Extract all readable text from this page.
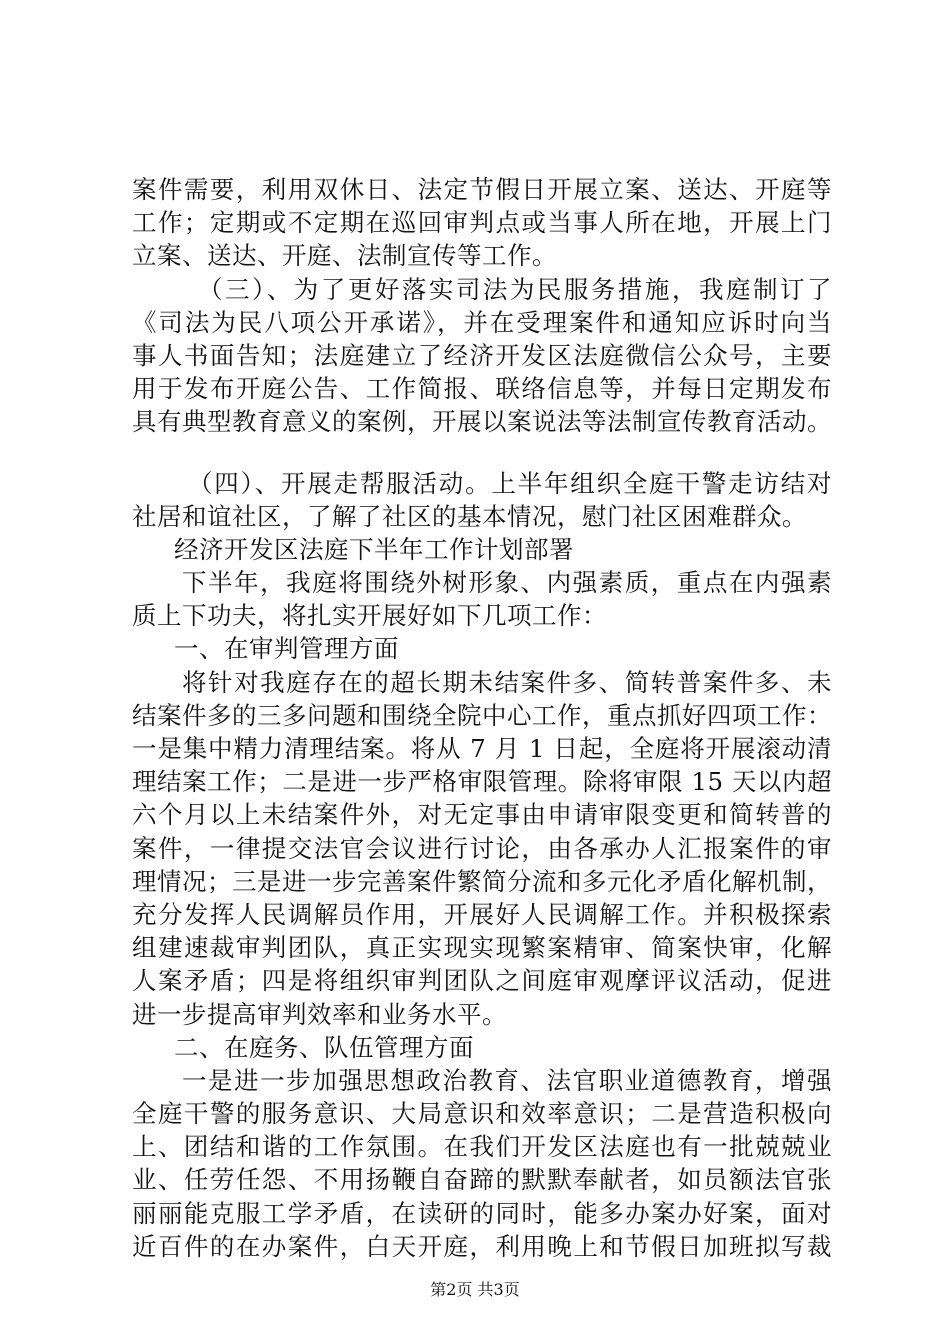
案件需要，利用双休日、法定节假日开展立案、送达、开庭等
工作；定期或不定期在巡回审判点或当事人所在地，开展上门
立案、送达、开庭、法制宣传等工作。
（三）、为了更好落实司法为民服务措施，我庭制订了
《司法为民八项公开承诺》，并在受理案件和通知应诉时向当
事人书面告知；法庭建立了经济开发区法庭微信公众号，主要
用于发布开庭公告、工作简报、联络信息等，并每日定期发布
具有典型教育意义的案例，开展以案说法等法制宣传教育活动。
（四）、开展走帮服活动。上半年组织全庭干警走访结对
社居和谊社区，了解了社区的基本情况，慰门社区困难群众。
经济开发区法庭下半年工作计划部署
下半年，我庭将围绕外树形象、内强素质，重点在内强素
质上下功夫，将扎实开展好如下几项工作：
一、在审判管理方面
将针对我庭存在的超长期未结案件多、简转普案件多、未
结案件多的三多问题和围绕全院中心工作，重点抓好四项工作：
一是集中精力清理结案。将从 7 月 1 日起，全庭将开展滚动清
理结案工作；二是进一步严格审限管理。除将审限 15 天以内超
六个月以上未结案件外，对无定事由申请审限变更和简转普的
案件，一律提交法官会议进行讨论，由各承办人汇报案件的审
理情况；三是进一步完善案件繁简分流和多元化矛盾化解机制，
充分发挥人民调解员作用，开展好人民调解工作。并积极探索
组建速裁审判团队，真正实现实现繁案精审、简案快审，化解
人案矛盾；四是将组织审判团队之间庭审观摩评议活动，促进
进一步提高审判效率和业务水平。
二、在庭务、队伍管理方面
一是进一步加强思想政治教育、法官职业道德教育，增强
全庭干警的服务意识、大局意识和效率意识；二是营造积极向
上、团结和谐的工作氛围。在我们开发区法庭也有一批兢兢业
业、任劳任怨、不用扬鞭自奋蹄的默默奉献者，如员额法官张
丽丽能克服工学矛盾，在读研的同时，能多办案办好案，面对
近百件的在办案件，白天开庭，利用晚上和节假日加班拟写裁
第2页 共3页
